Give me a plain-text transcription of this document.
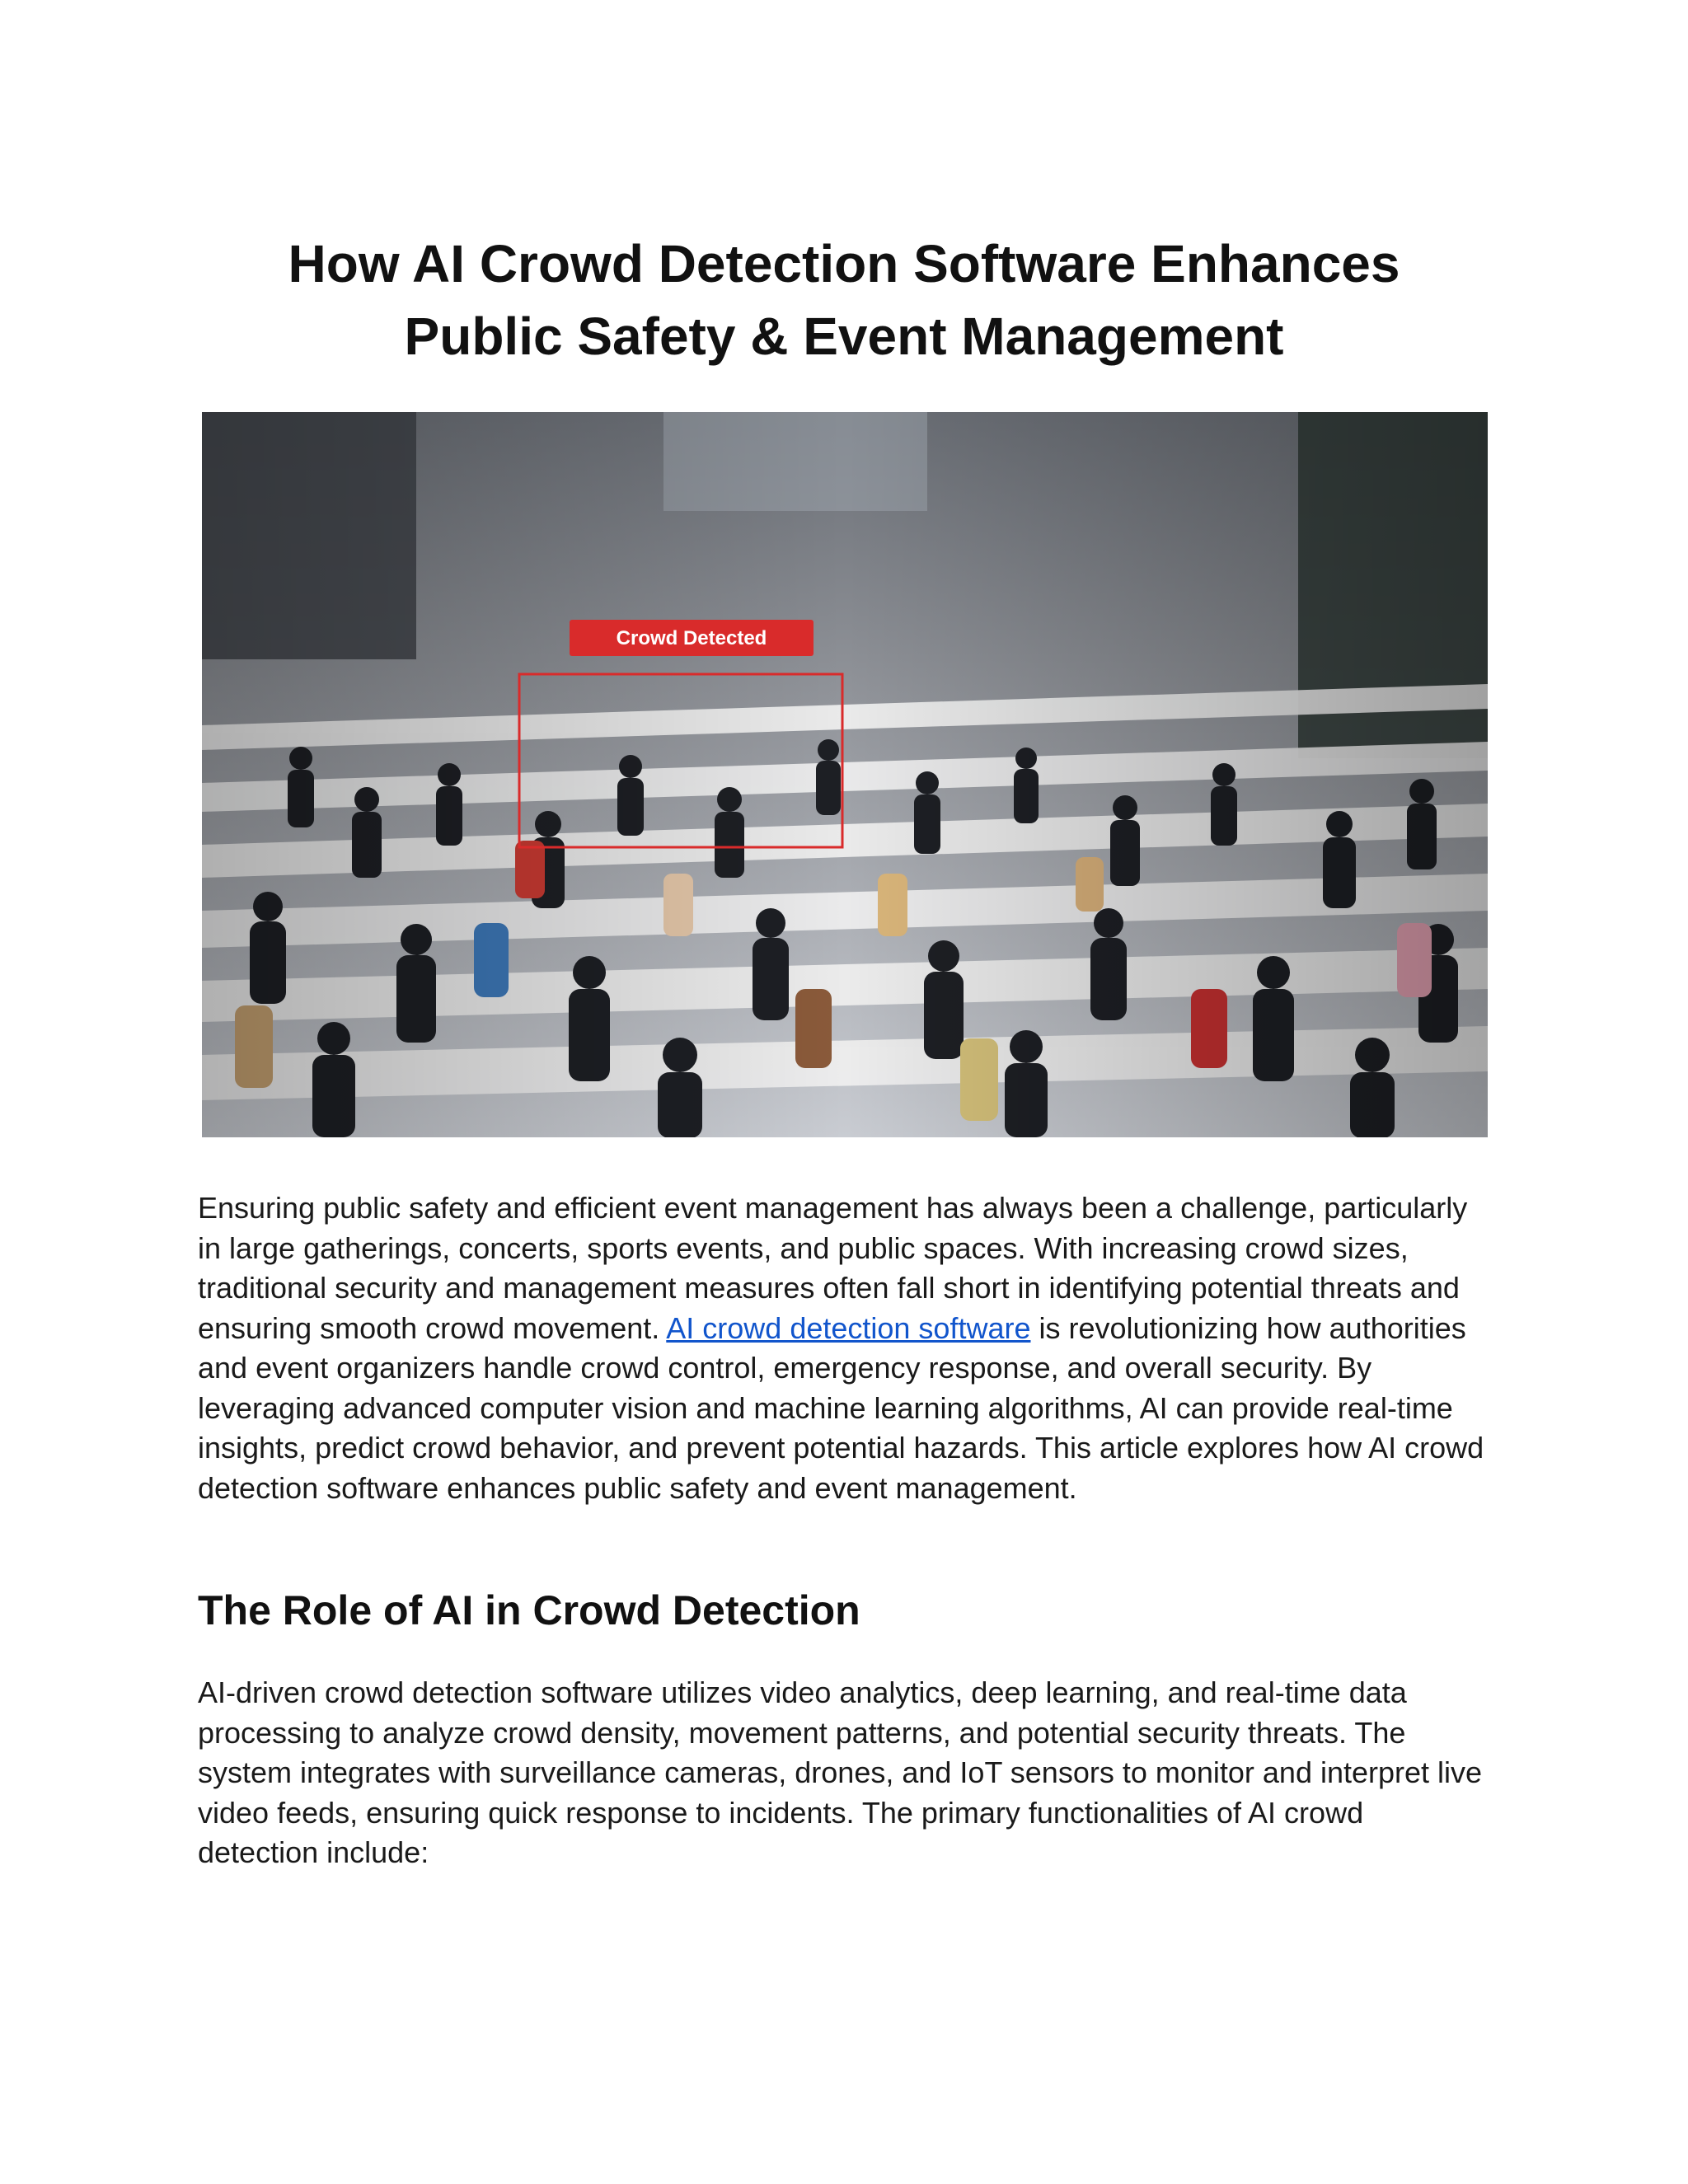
How AI Crowd Detection Software Enhances
Public Safety & Event Management
Crowd Detected

Ensuring public safety and efficient event management has always been a challenge, particularly in large gatherings, concerts, sports events, and public spaces. With increasing crowd sizes, traditional security and management measures often fall short in identifying potential threats and ensuring smooth crowd movement. AI crowd detection software is revolutionizing how authorities and event organizers handle crowd control, emergency response, and overall security. By leveraging advanced computer vision and machine learning algorithms, AI can provide real-time insights, predict crowd behavior, and prevent potential hazards. This article explores how AI crowd detection software enhances public safety and event management.

The Role of AI in Crowd Detection

AI-driven crowd detection software utilizes video analytics, deep learning, and real-time data processing to analyze crowd density, movement patterns, and potential security threats. The system integrates with surveillance cameras, drones, and IoT sensors to monitor and interpret live video feeds, ensuring quick response to incidents. The primary functionalities of AI crowd detection include:
